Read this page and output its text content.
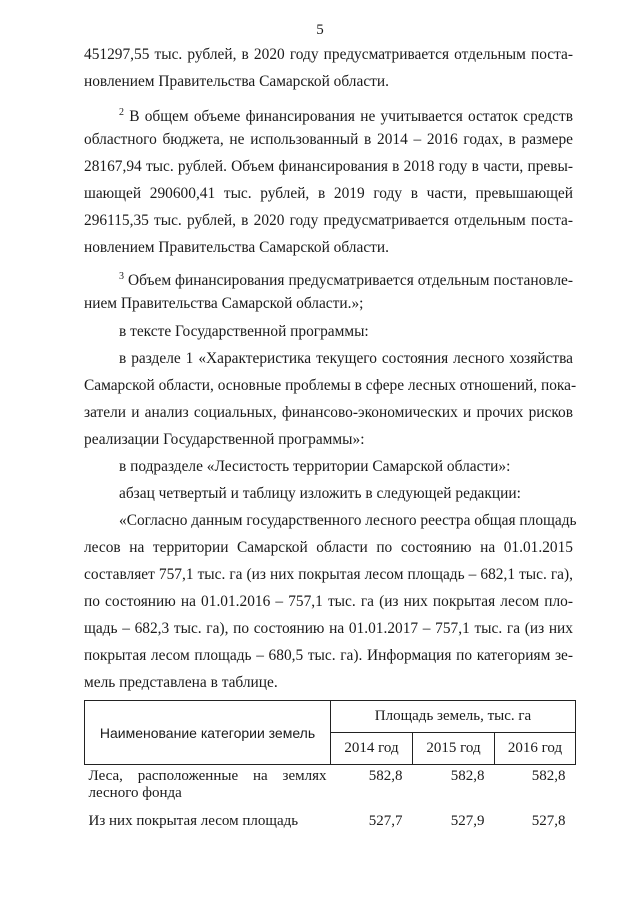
5
451297,55 тыс. рублей, в 2020 году предусматривается отдельным поста-
новлением Правительства Самарской области.
$^2$ В общем объеме финансирования не учитывается остаток средств
областного бюджета, не использованный в 2014 – 2016 годах, в размере
28167,94 тыс. рублей. Объем финансирования в 2018 году в части, превы-
шающей 290600,41 тыс. рублей, в 2019 году в части, превышающей
296115,35 тыс. рублей, в 2020 году предусматривается отдельным поста-
новлением Правительства Самарской области.
$^3$ Объем финансирования предусматривается отдельным постановле-
нием Правительства Самарской области.»;
в тексте Государственной программы:
в разделе 1 «Характеристика текущего состояния лесного хозяйства
Самарской области, основные проблемы в сфере лесных отношений, пока-
затели и анализ социальных, финансово-экономических и прочих рисков
реализации Государственной программы»:
в подразделе «Лесистость территории Самарской области»:
абзац четвертый и таблицу изложить в следующей редакции:
«Согласно данным государственного лесного реестра общая площадь
лесов на территории Самарской области по состоянию на 01.01.2015
составляет 757,1 тыс. га (из них покрытая лесом площадь – 682,1 тыс. га),
по состоянию на 01.01.2016 – 757,1 тыс. га (из них покрытая лесом пло-
щадь – 682,3 тыс. га), по состоянию на 01.01.2017 – 757,1 тыс. га (из них
покрытая лесом площадь – 680,5 тыс. га). Информация по категориям зе-
мель представлена в таблице.
Наименование категории земель	Площадь земель, тыс. га		
	2014 год	2015 год	2016 год

Леса, расположенные на землях
лесного фонда	582,8	582,8	582,8
Из них покрытая лесом площадь	527,7	527,9	527,8
